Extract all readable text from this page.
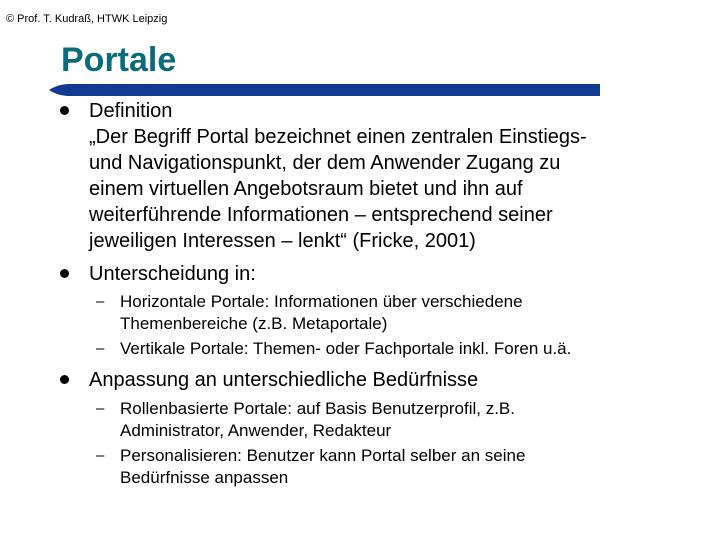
© Prof. T. Kudraß, HTWK Leipzig
Portale
Definition
„Der Begriff Portal bezeichnet einen zentralen Einstiegs-
und Navigationspunkt, der dem Anwender Zugang zu
einem virtuellen Angebotsraum bietet und ihn auf
weiterführende Informationen – entsprechend seiner
jeweiligen Interessen – lenkt“ (Fricke, 2001)
Unterscheidung in:
– Horizontale Portale: Informationen über verschiedene
Themenbereiche (z.B. Metaportale)
– Vertikale Portale: Themen- oder Fachportale inkl. Foren u.ä.
Anpassung an unterschiedliche Bedürfnisse
– Rollenbasierte Portale: auf Basis Benutzerprofil, z.B.
Administrator, Anwender, Redakteur
– Personalisieren: Benutzer kann Portal selber an seine
Bedürfnisse anpassen
